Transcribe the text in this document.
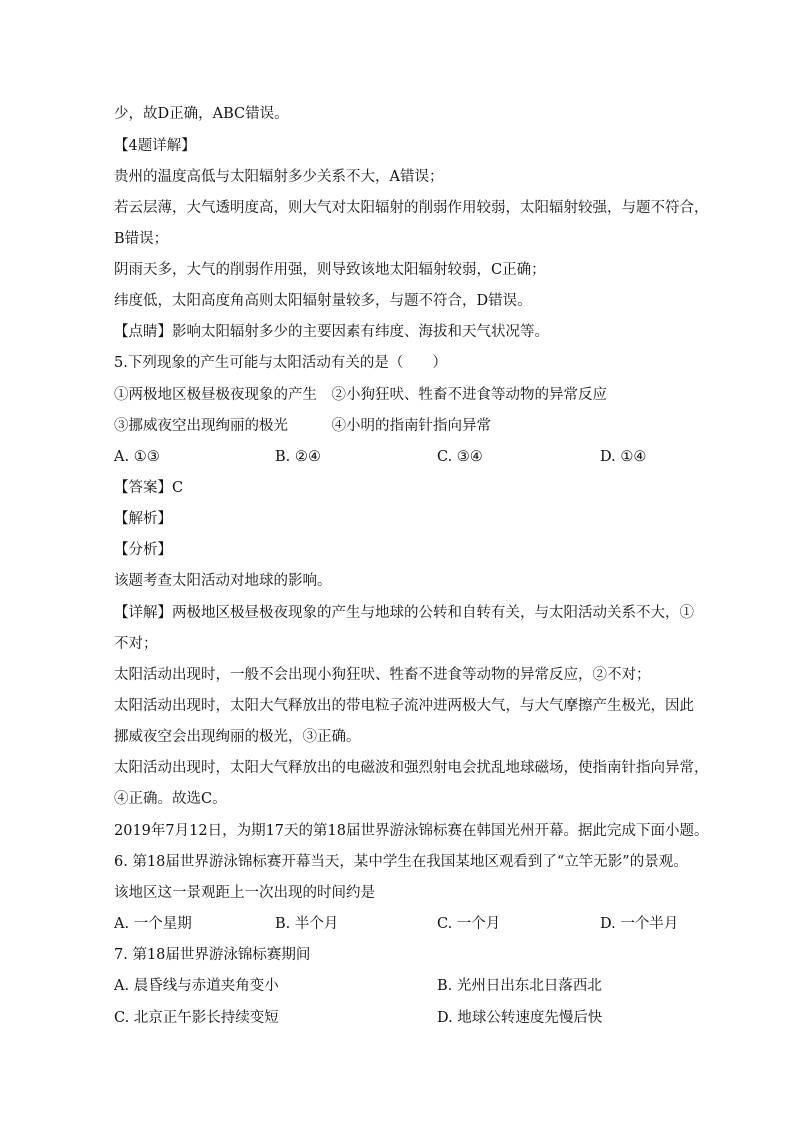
少，故D正确，ABC错误。
【4题详解】
贵州的温度高低与太阳辐射多少关系不大，A错误；
若云层薄，大气透明度高，则大气对太阳辐射的削弱作用较弱，太阳辐射较强，与题不符合，
B错误；
阴雨天多，大气的削弱作用强，则导致该地太阳辐射较弱，C正确；
纬度低，太阳高度角高则太阳辐射量较多，与题不符合，D错误。
【点睛】影响太阳辐射多少的主要因素有纬度、海拔和天气状况等。
5.下列现象的产生可能与太阳活动有关的是（　　）
①两极地区极昼极夜现象的产生　②小狗狂吠、牲畜不进食等动物的异常反应
③挪威夜空出现绚丽的极光　　　④小明的指南针指向异常
A. ①③	B. ②④	C. ③④	D. ①④
【答案】C
【解析】
【分析】
该题考查太阳活动对地球的影响。
【详解】两极地区极昼极夜现象的产生与地球的公转和自转有关，与太阳活动关系不大，①
不对；
太阳活动出现时，一般不会出现小狗狂吠、牲畜不进食等动物的异常反应，②不对；
太阳活动出现时，太阳大气释放出的带电粒子流冲进两极大气，与大气摩擦产生极光，因此
挪威夜空会出现绚丽的极光，③正确。
太阳活动出现时，太阳大气释放出的电磁波和强烈射电会扰乱地球磁场，使指南针指向异常，
④正确。故选C。
2019年7月12日，为期17天的第18届世界游泳锦标赛在韩国光州开幕。据此完成下面小题。
6. 第18届世界游泳锦标赛开幕当天，某中学生在我国某地区观看到了“立竿无影”的景观。
该地区这一景观距上一次出现的时间约是
A. 一个星期	B. 半个月	C. 一个月	D. 一个半月
7. 第18届世界游泳锦标赛期间
A. 晨昏线与赤道夹角变小	B. 光州日出东北日落西北
C. 北京正午影长持续变短	D. 地球公转速度先慢后快
